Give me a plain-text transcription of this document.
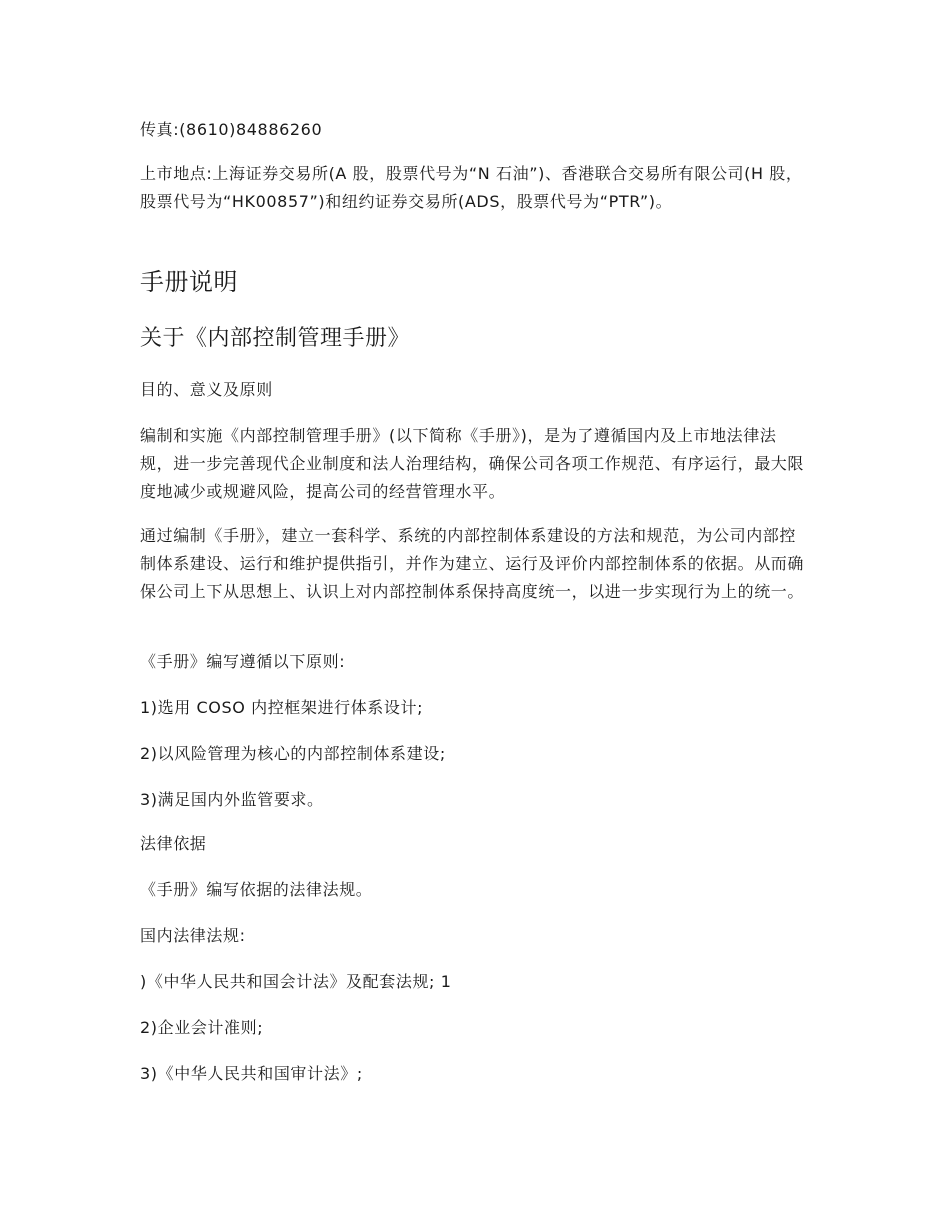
传真:(8610)84886260

上市地点:上海证券交易所(A 股，股票代号为“N 石油”)、香港联合交易所有限公司(H 股，股票代号为“HK00857”)和纽约证券交易所(ADS，股票代号为“PTR”)。

手册说明
关于《内部控制管理手册》

目的、意义及原则

编制和实施《内部控制管理手册》(以下简称《手册》)，是为了遵循国内及上市地法律法规，进一步完善现代企业制度和法人治理结构，确保公司各项工作规范、有序运行，最大限度地减少或规避风险，提高公司的经营管理水平。

通过编制《手册》，建立一套科学、系统的内部控制体系建设的方法和规范，为公司内部控制体系建设、运行和维护提供指引，并作为建立、运行及评价内部控制体系的依据。从而确保公司上下从思想上、认识上对内部控制体系保持高度统一，以进一步实现行为上的统一。

《手册》编写遵循以下原则:

1)选用 COSO 内控框架进行体系设计;

2)以风险管理为核心的内部控制体系建设;

3)满足国内外监管要求。

法律依据

《手册》编写依据的法律法规。

国内法律法规:

)《中华人民共和国会计法》及配套法规; 1

2)企业会计准则;

3)《中华人民共和国审计法》;
